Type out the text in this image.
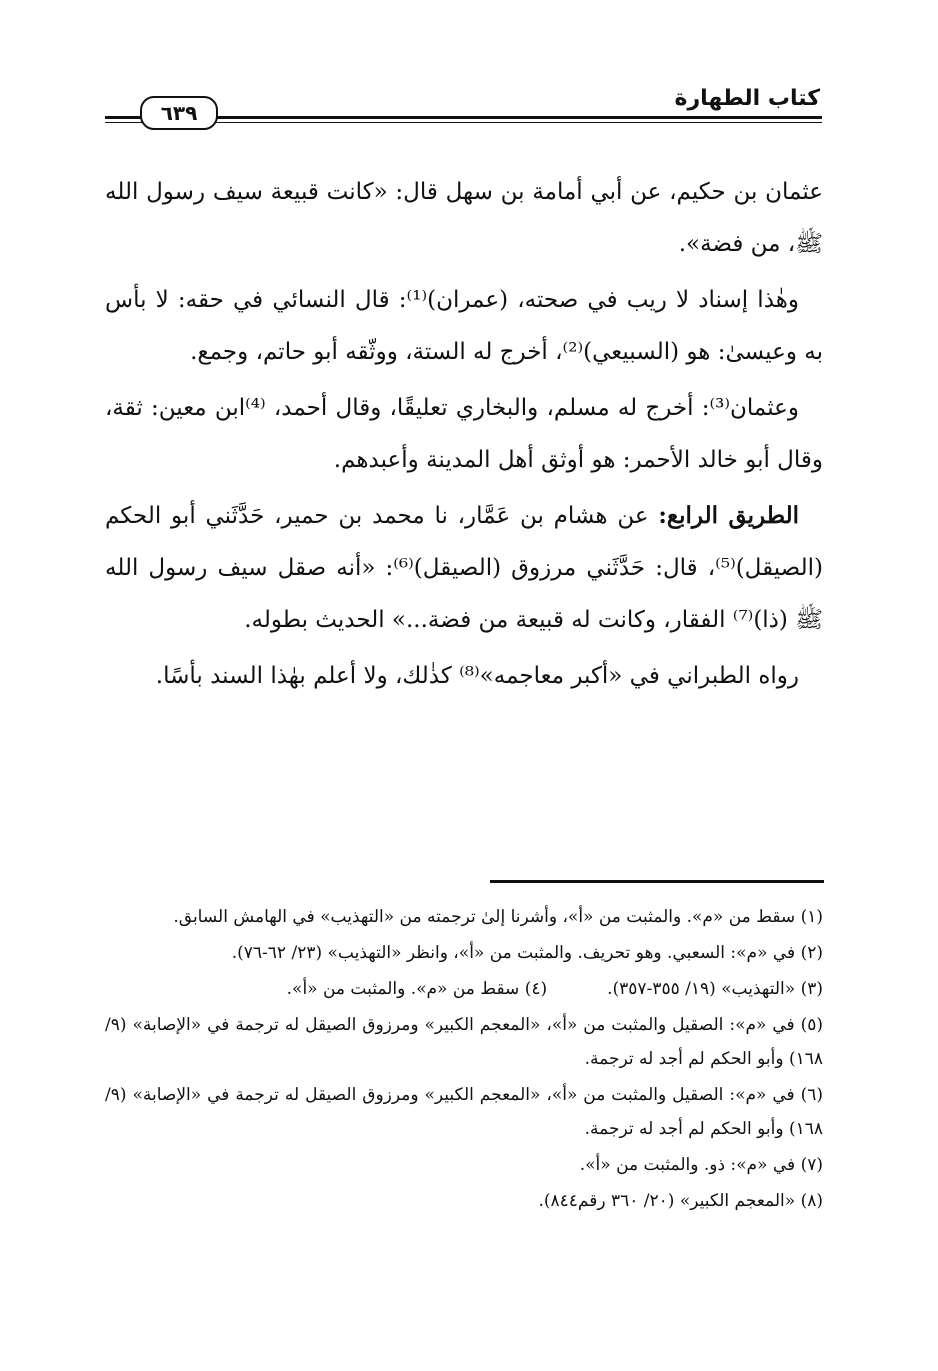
كتاب الطهارة
٦٣٩

عثمان بن حكيم، عن أبي أمامة بن سهل قال: «كانت قبيعة سيف رسول الله ﷺ، من فضة».

وهٰذا إسناد لا ريب في صحته، (عمران)⁽¹⁾: قال النسائي في حقه: لا بأس به وعيسىٰ: هو (السبيعي)⁽²⁾، أخرج له الستة، ووثّقه أبو حاتم، وجمع.

وعثمان⁽³⁾: أخرج له مسلم، والبخاري تعليقًا، وقال أحمد، ⁽⁴⁾ابن معين: ثقة، وقال أبو خالد الأحمر: هو أوثق أهل المدينة وأعبدهم.

الطريق الرابع: عن هشام بن عَمَّار، نا محمد بن حمير، حَدَّثَني أبو الحكم (الصيقل)⁽⁵⁾، قال: حَدَّثَني مرزوق (الصيقل)⁽⁶⁾: «أنه صقل سيف رسول الله ﷺ (ذا)⁽⁷⁾ الفقار، وكانت له قبيعة من فضة...» الحديث بطوله.

رواه الطبراني في «أكبر معاجمه»⁽⁸⁾ كذٰلك، ولا أعلم بهٰذا السند بأسًا.

(١) سقط من «م». والمثبت من «أ»، وأشرنا إلىٰ ترجمته من «التهذيب» في الهامش السابق.

(٢) في «م»: السعبي. وهو تحريف. والمثبت من «أ»، وانظر «التهذيب» (٢٣/ ٦٢-٧٦).

(٣) «التهذيب» (١٩/ ٣٥٥-٣٥٧).
(٤) سقط من «م». والمثبت من «أ».

(٥) في «م»: الصقيل والمثبت من «أ»، «المعجم الكبير» ومرزوق الصيقل له ترجمة في «الإصابة» (٩/ ١٦٨) وأبو الحكم لم أجد له ترجمة.

(٦) في «م»: الصقيل والمثبت من «أ»، «المعجم الكبير» ومرزوق الصيقل له ترجمة في «الإصابة» (٩/ ١٦٨) وأبو الحكم لم أجد له ترجمة.

(٧) في «م»: ذو. والمثبت من «أ».

(٨) «المعجم الكبير» (٢٠/ ٣٦٠ رقم٨٤٤).
